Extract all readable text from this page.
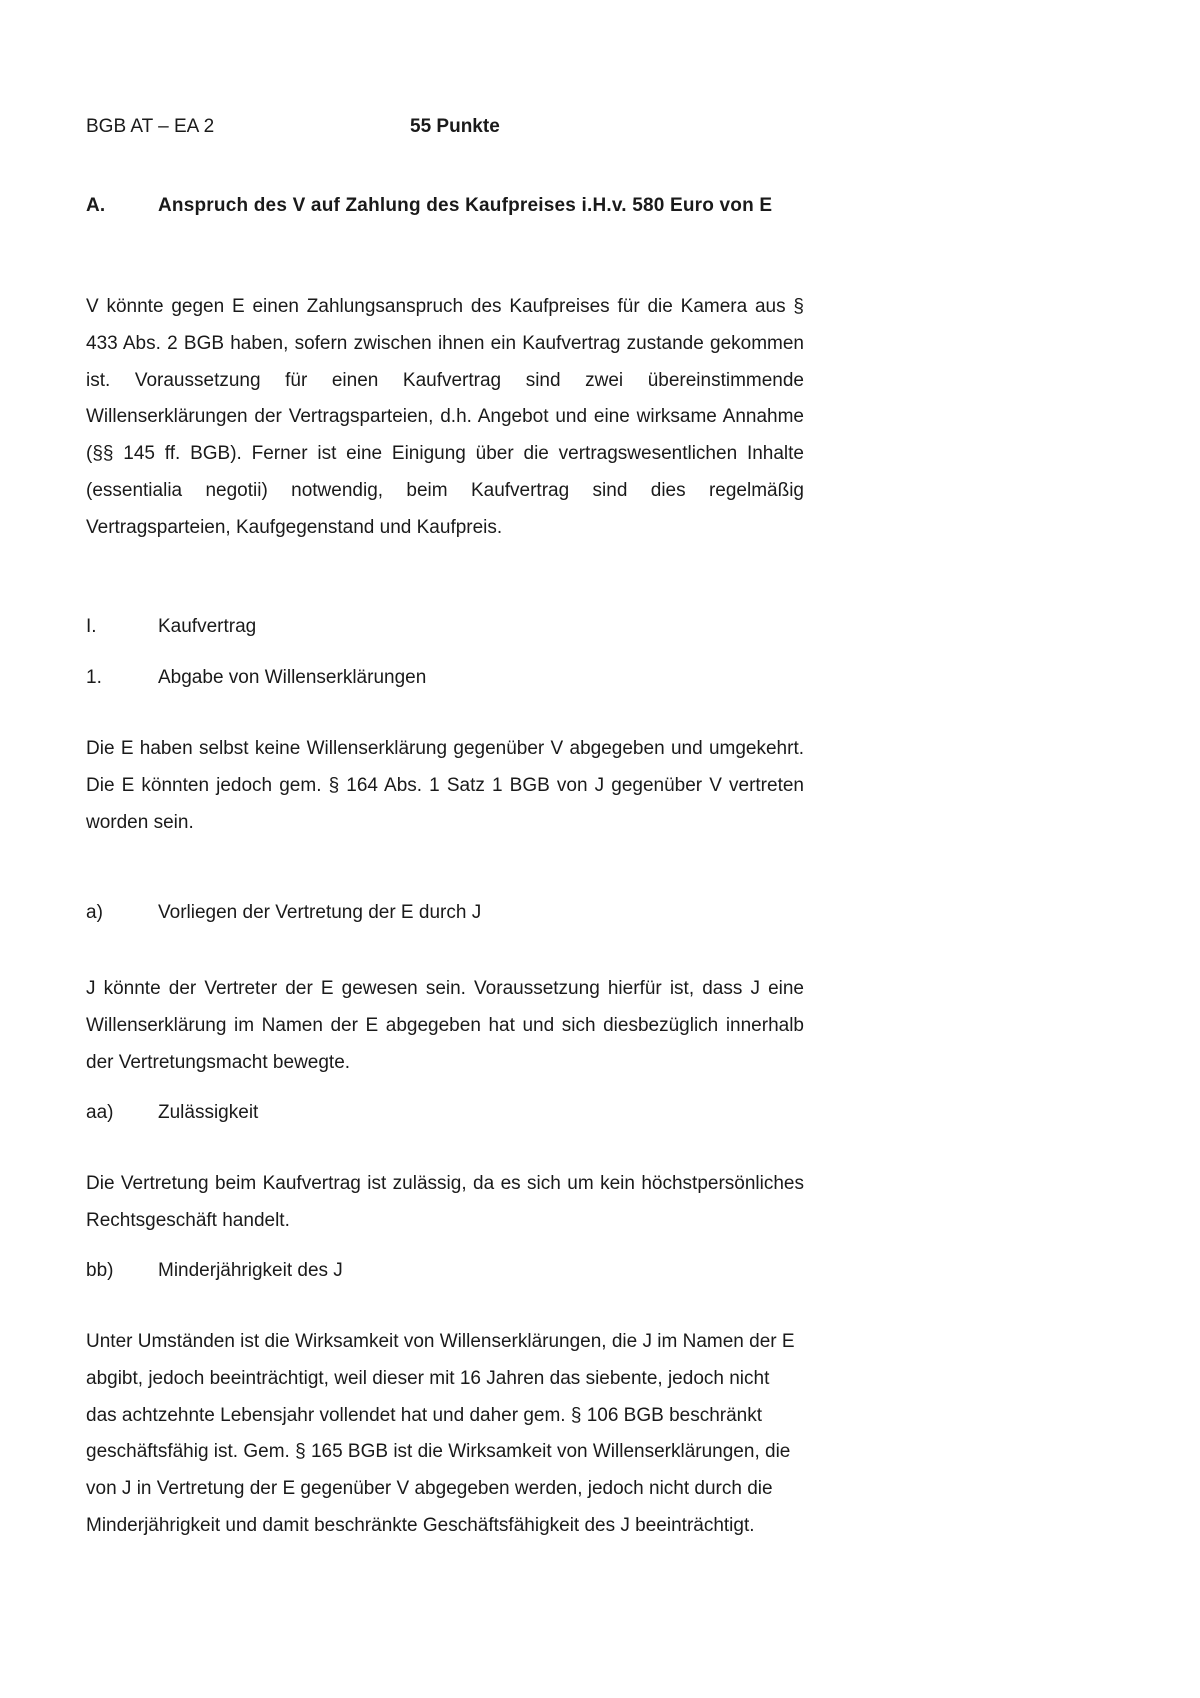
BGB AT – EA 2	55 Punkte
A.	Anspruch des V auf Zahlung des Kaufpreises i.H.v. 580 Euro von E

V könnte gegen E einen Zahlungsanspruch des Kaufpreises für die Kamera aus § 433 Abs. 2 BGB haben, sofern zwischen ihnen ein Kaufvertrag zustande gekommen ist. Voraussetzung für einen Kaufvertrag sind zwei übereinstimmende Willenserklärungen der Vertragsparteien, d.h. Angebot und eine wirksame Annahme (§§ 145 ff. BGB). Ferner ist eine Einigung über die vertragswesentlichen Inhalte (essentialia negotii) notwendig, beim Kaufvertrag sind dies regelmäßig Vertragsparteien, Kaufgegenstand und Kaufpreis.

I.	Kaufvertrag
1.	Abgabe von Willenserklärungen

Die E haben selbst keine Willenserklärung gegenüber V abgegeben und umgekehrt. Die E könnten jedoch gem. § 164 Abs. 1 Satz 1 BGB von J gegenüber V vertreten worden sein.

a)	Vorliegen der Vertretung der E durch J

J könnte der Vertreter der E gewesen sein. Voraussetzung hierfür ist, dass J eine Willenserklärung im Namen der E abgegeben hat und sich diesbezüglich innerhalb der Vertretungsmacht bewegte.

aa) Zulässigkeit

Die Vertretung beim Kaufvertrag ist zulässig, da es sich um kein höchstpersönliches Rechtsgeschäft handelt.

bb) Minderjährigkeit des J

Unter Umständen ist die Wirksamkeit von Willenserklärungen, die J im Namen der E abgibt, jedoch beeinträchtigt, weil dieser mit 16 Jahren das siebente, jedoch nicht das achtzehnte Lebensjahr vollendet hat und daher gem. § 106 BGB beschränkt geschäftsfähig ist. Gem. § 165 BGB ist die Wirksamkeit von Willenserklärungen, die von J in Vertretung der E gegenüber V abgegeben werden, jedoch nicht durch die Minderjährigkeit und damit beschränkte Geschäftsfähigkeit des J beeinträchtigt.
